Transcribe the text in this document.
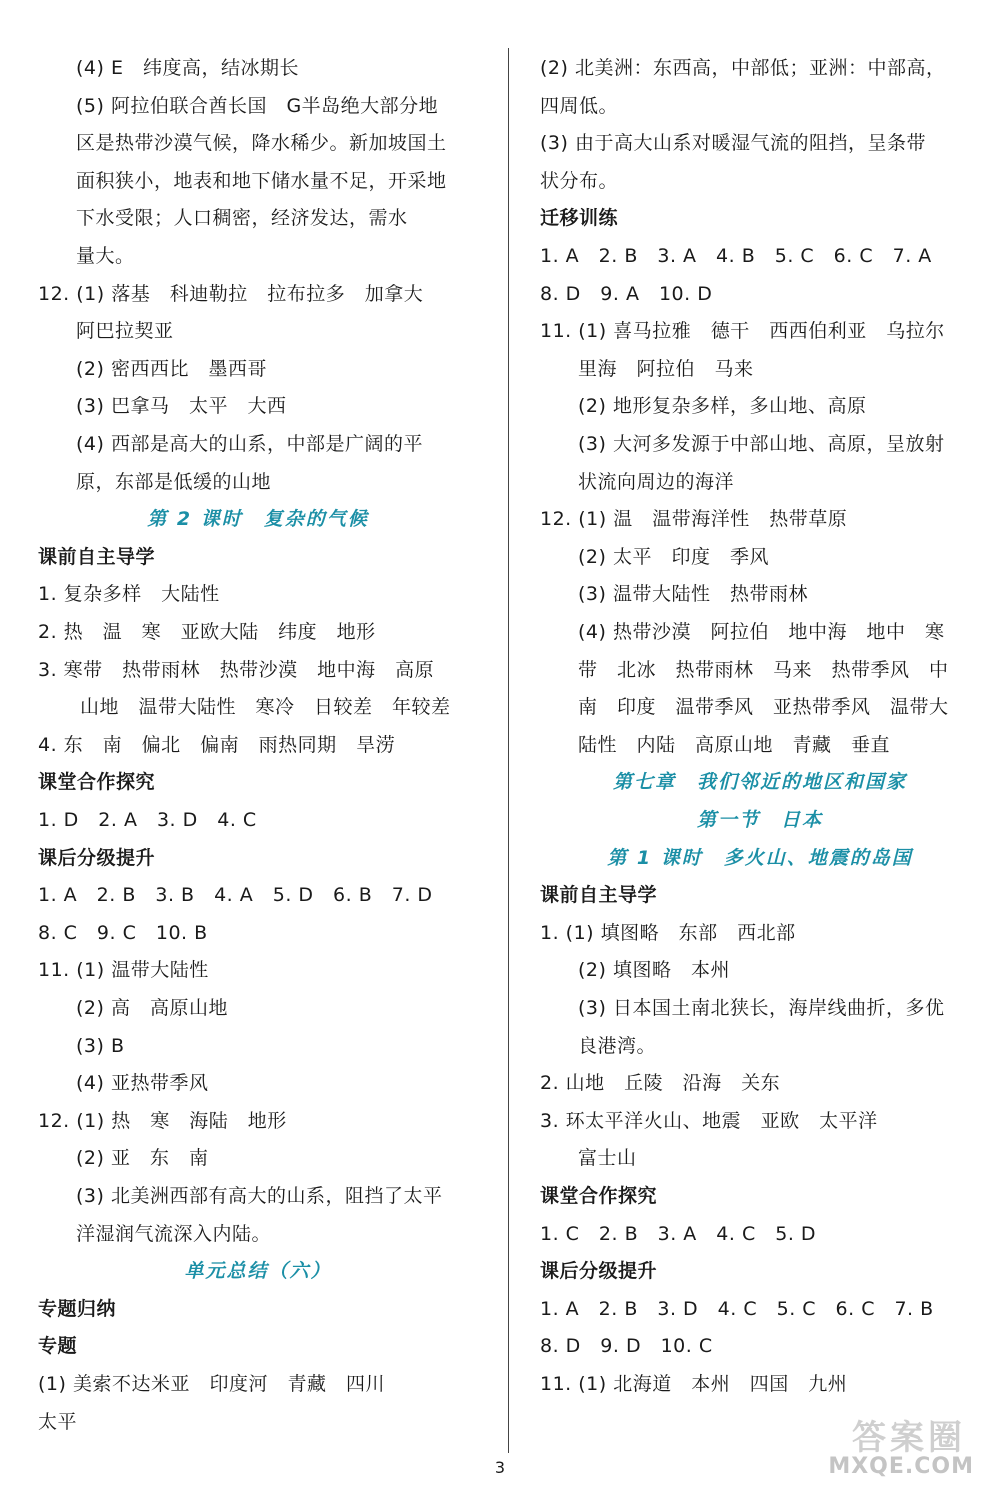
(4) E　纬度高，结冰期长
(5) 阿拉伯联合酋长国　G半岛绝大部分地
区是热带沙漠气候，降水稀少。新加坡国土
面积狭小，地表和地下储水量不足，开采地
下水受限；人口稠密，经济发达，需水
量大。
12. (1) 落基　科迪勒拉　拉布拉多　加拿大
阿巴拉契亚
(2) 密西西比　墨西哥
(3) 巴拿马　太平　大西
(4) 西部是高大的山系，中部是广阔的平
原，东部是低缓的山地
第 2 课时　复杂的气候
课前自主导学
1. 复杂多样　大陆性
2. 热　温　寒　亚欧大陆　纬度　地形
3. 寒带　热带雨林　热带沙漠　地中海　高原
山地　温带大陆性　寒冷　日较差　年较差
4. 东　南　偏北　偏南　雨热同期　旱涝
课堂合作探究
1. D　2. A　3. D　4. C
课后分级提升
1. A　2. B　3. B　4. A　5. D　6. B　7. D
8. C　9. C　10. B
11. (1) 温带大陆性
(2) 高　高原山地
(3) B
(4) 亚热带季风
12. (1) 热　寒　海陆　地形
(2) 亚　东　南
(3) 北美洲西部有高大的山系，阻挡了太平
洋湿润气流深入内陆。
单元总结（六）
专题归纳
专题
(1) 美索不达米亚　印度河　青藏　四川
太平
(2) 北美洲：东西高，中部低；亚洲：中部高，
四周低。
(3) 由于高大山系对暖湿气流的阻挡，呈条带
状分布。
迁移训练
1. A　2. B　3. A　4. B　5. C　6. C　7. A
8. D　9. A　10. D
11. (1) 喜马拉雅　德干　西西伯利亚　乌拉尔
里海　阿拉伯　马来
(2) 地形复杂多样，多山地、高原
(3) 大河多发源于中部山地、高原，呈放射
状流向周边的海洋
12. (1) 温　温带海洋性　热带草原
(2) 太平　印度　季风
(3) 温带大陆性　热带雨林
(4) 热带沙漠　阿拉伯　地中海　地中　寒
带　北冰　热带雨林　马来　热带季风　中
南　印度　温带季风　亚热带季风　温带大
陆性　内陆　高原山地　青藏　垂直
第七章　我们邻近的地区和国家
第一节　日本
第 1 课时　多火山、地震的岛国
课前自主导学
1. (1) 填图略　东部　西北部
(2) 填图略　本州
(3) 日本国土南北狭长，海岸线曲折，多优
良港湾。
2. 山地　丘陵　沿海　关东
3. 环太平洋火山、地震　亚欧　太平洋
富士山
课堂合作探究
1. C　2. B　3. A　4. C　5. D
课后分级提升
1. A　2. B　3. D　4. C　5. C　6. C　7. B
8. D　9. D　10. C
11. (1) 北海道　本州　四国　九州
3
答案圈
MXQE.COM
